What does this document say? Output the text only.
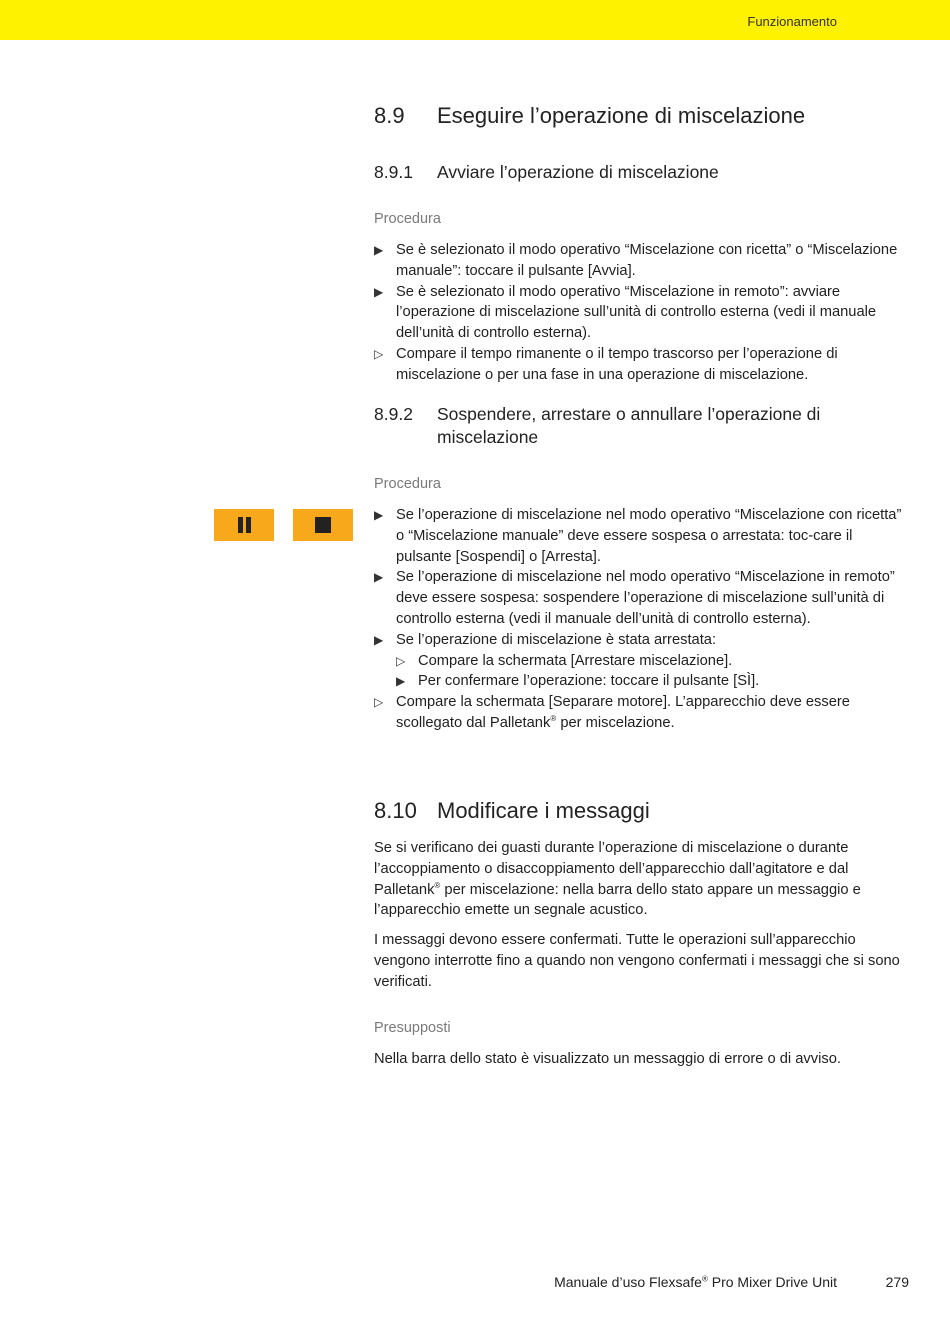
Funzionamento
8.9 Eseguire l’operazione di miscelazione
8.9.1 Avviare l’operazione di miscelazione
Procedura
▶ Se è selezionato il modo operativo “Miscelazione con ricetta” o “Miscelazione manuale”: toccare il pulsante [Avvia].
▶ Se è selezionato il modo operativo “Miscelazione in remoto”: avviare l’operazione di miscelazione sull’unità di controllo esterna (vedi il manuale dell’unità di controllo esterna).
▷ Compare il tempo rimanente o il tempo trascorso per l’operazione di miscelazione o per una fase in una operazione di miscelazione.
8.9.2 Sospendere, arrestare o annullare l’operazione di miscelazione
Procedura
▶ Se l’operazione di miscelazione nel modo operativo “Miscelazione con ricetta” o “Miscelazione manuale” deve essere sospesa o arrestata: toc-care il pulsante [Sospendi] o [Arresta].
▶ Se l’operazione di miscelazione nel modo operativo “Miscelazione in remoto” deve essere sospesa: sospendere l’operazione di miscelazione sull’unità di controllo esterna (vedi il manuale dell’unità di controllo esterna).
▶ Se l’operazione di miscelazione è stata arrestata:
▷ Compare la schermata [Arrestare miscelazione].
▶ Per confermare l’operazione: toccare il pulsante [SÌ].
▷ Compare la schermata [Separare motore]. L’apparecchio deve essere scollegato dal Palletank® per miscelazione.
8.10 Modificare i messaggi

Se si verificano dei guasti durante l’operazione di miscelazione o durante l’accoppiamento o disaccoppiamento dell’apparecchio dall’agitatore e dal Palletank® per miscelazione: nella barra dello stato appare un messaggio e l’apparecchio emette un segnale acustico.

I messaggi devono essere confermati. Tutte le operazioni sull’apparecchio vengono interrotte fino a quando non vengono confermati i messaggi che si sono verificati.

Presupposti

Nella barra dello stato è visualizzato un messaggio di errore o di avviso.

Manuale d’uso Flexsafe® Pro Mixer Drive Unit	279
